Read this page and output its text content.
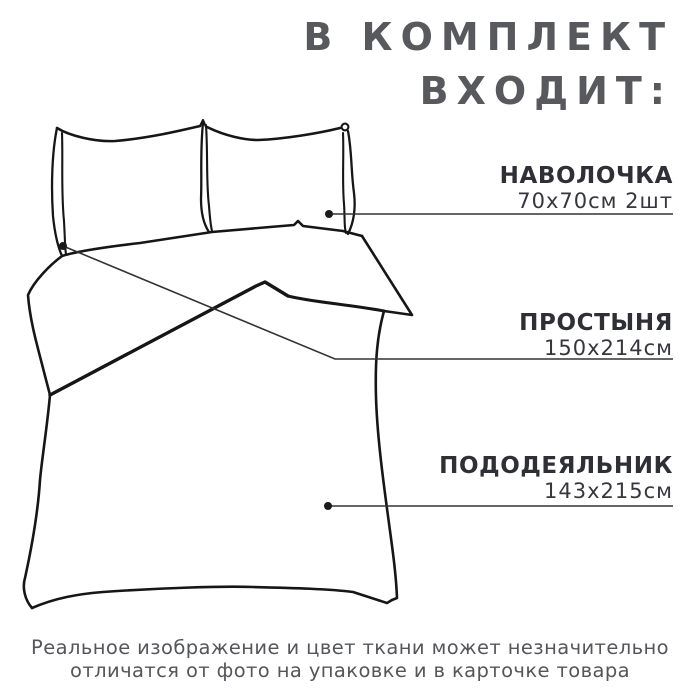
В КОМПЛЕКТ
ВХОДИТ:
НАВОЛОЧКА
70х70см 2шт
ПРОСТЫНЯ
150х214см
ПОДОДЕЯЛЬНИК
143х215см
Реальное изображение и цвет ткани может незначительно
отличатся от фото на упаковке и в карточке товара
